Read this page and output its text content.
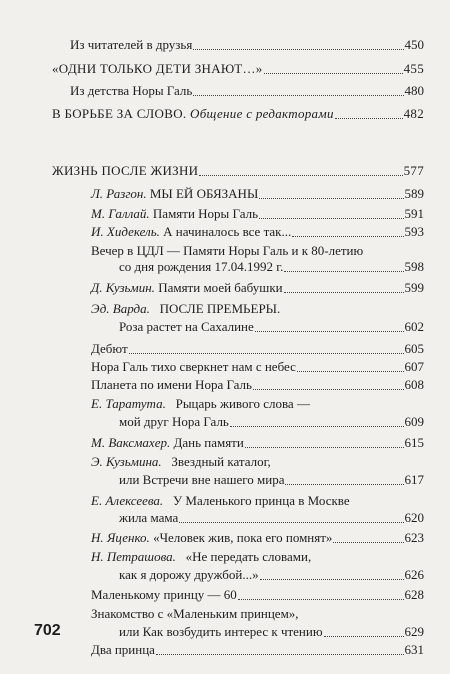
Из читателей в друзья	450
«ОДНИ ТОЛЬКО ДЕТИ ЗНАЮТ…»	455
Из детства Норы Галь	480
В БОРЬБЕ ЗА СЛОВО.
Общение с редакторами	482
ЖИЗНЬ ПОСЛЕ ЖИЗНИ	577
Л. Разгон.
МЫ ЕЙ ОБЯЗАНЫ	589
М. Галлай.
Памяти Норы Галь	591
И. Хидекель.
А начиналось все так...	593
Вечер в ЦДЛ — Памяти Норы Галь и к 80-летию
со дня рождения 17.04.1992 г.	598
Д. Кузьмин.
Памяти моей бабушки	599
Эд. Варда. ПОСЛЕ ПРЕМЬЕРЫ.
Роза растет на Сахалине	602
Дебют	605
Нора Галь тихо сверкнет нам с небес	607
Планета по имени Нора Галь	608
Е. Таратута. Рыцарь живого слова —
мой друг Нора Галь	609
М. Ваксмахер.
Дань памяти	615
Э. Кузьмина. Звездный каталог,
или Встречи вне нашего мира	617
Е. Алексеева. У Маленького принца в Москве
жила мама	620
Н. Яценко.
«Человек жив, пока его помнят»	623
Н. Петрашова. «Не передать словами,
как я дорожу дружбой...»	626
Маленькому принцу — 60	628
Знакомство с «Маленьким принцем»,
или Как возбудить интерес к чтению	629
Два принца	631
702
